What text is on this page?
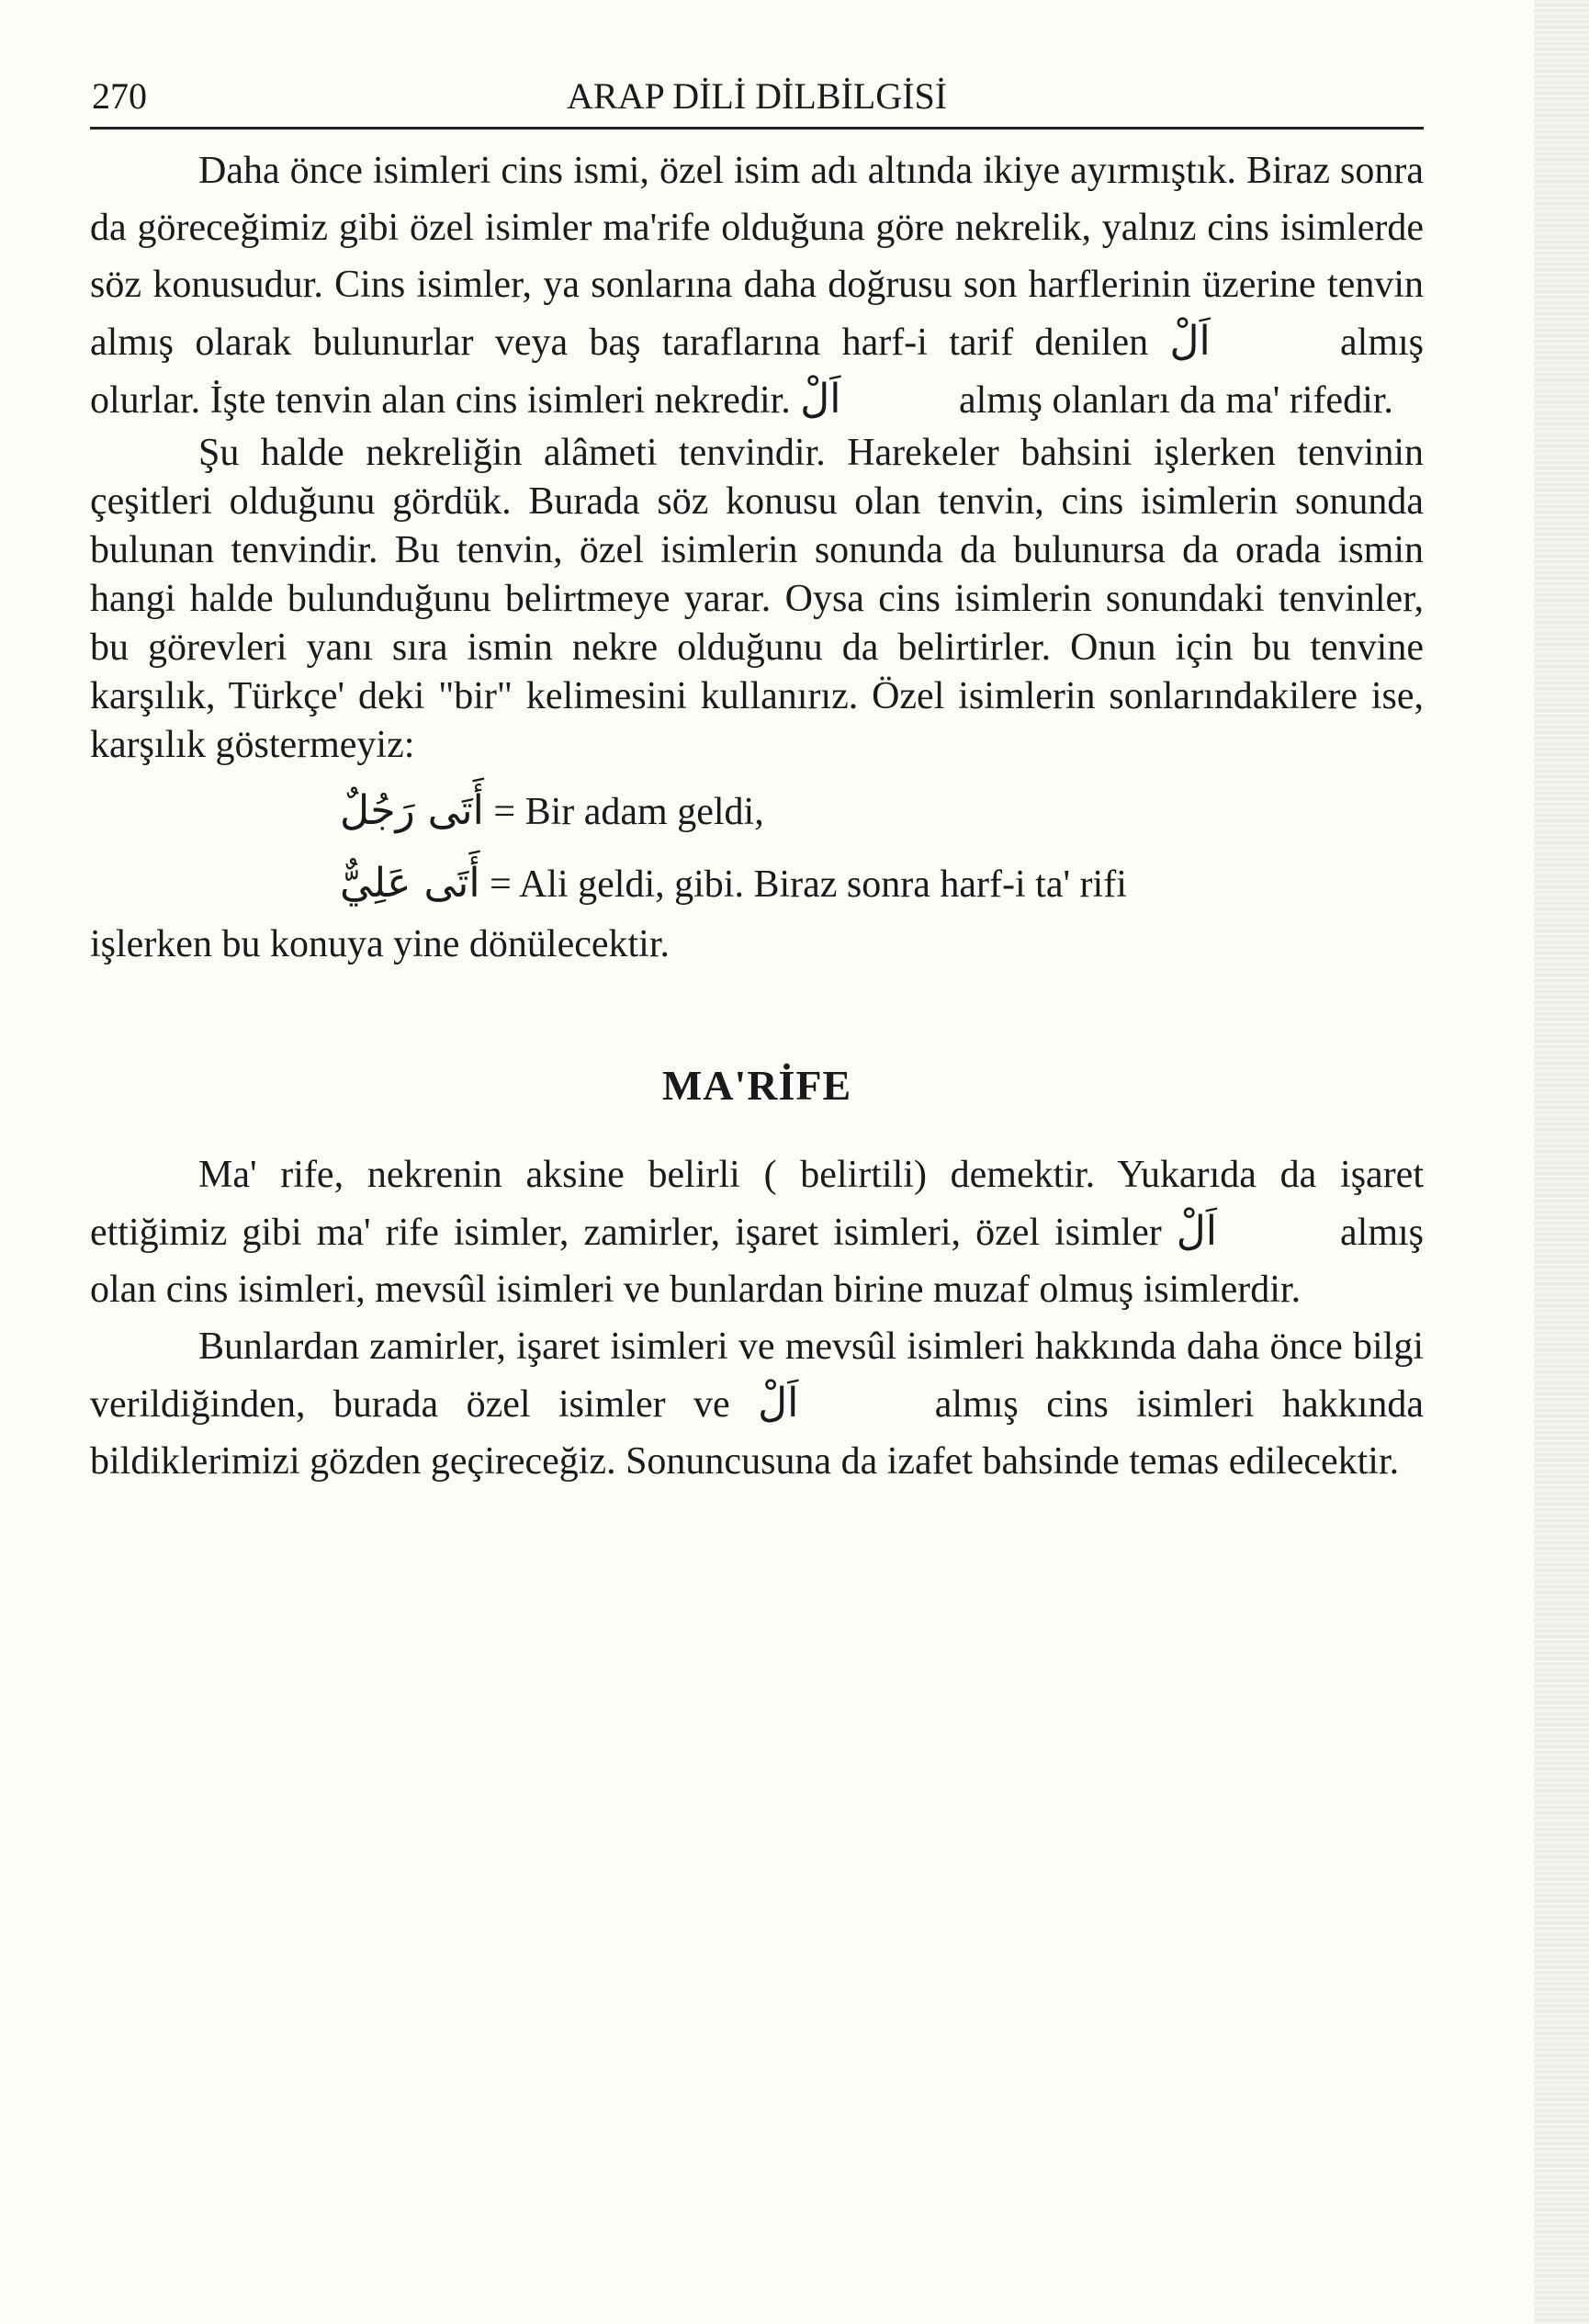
270	ARAP DİLİ DİLBİLGİSİ

Daha önce isimleri cins ismi, özel isim adı altında ikiye ayırmıştık. Biraz sonra da göreceğimiz gibi özel isimler ma'rife olduğuna göre nekrelik, yalnız cins isimlerde söz konusudur. Cins isimler, ya sonlarına daha doğrusu son harflerinin üzerine tenvin almış olarak bulunurlar veya baş taraflarına harf-i tarif denilen اَلْ	almış olurlar. İşte tenvin alan cins isimleri nekredir. اَلْ	almış olanları da ma' rifedir.

Şu halde nekreliğin alâmeti tenvindir. Harekeler bahsini işlerken tenvinin çeşitleri olduğunu gördük. Burada söz konusu olan tenvin, cins isimlerin sonunda bulunan tenvindir. Bu tenvin, özel isimlerin sonunda da bulunursa da orada ismin hangi halde bulunduğunu belirtmeye yarar. Oysa cins isimlerin sonundaki tenvinler, bu görevleri yanı sıra ismin nekre olduğunu da belirtirler. Onun için bu tenvine karşılık, Türkçe' deki "bir" kelimesini kullanırız. Özel isimlerin sonlarındakilere ise, karşılık göstermeyiz:

أَتَى رَجُلٌ = Bir adam geldi,
أَتَى عَلِيٌّ = Ali geldi, gibi. Biraz sonra harf-i ta' rifi

işlerken bu konuya yine dönülecektir.

MA'RİFE

Ma' rife, nekrenin aksine belirli ( belirtili) demektir. Yukarıda da işaret ettiğimiz gibi ma' rife isimler, zamirler, işaret isimleri, özel isimler اَلْ	almış olan cins isimleri, mevsûl isimleri ve bunlardan birine muzaf olmuş isimlerdir.

Bunlardan zamirler, işaret isimleri ve mevsûl isimleri hakkında daha önce bilgi verildiğinden, burada özel isimler ve اَلْ	almış cins isimleri hakkında bildiklerimizi gözden geçireceğiz. Sonuncusuna da izafet bahsinde temas edilecektir.
